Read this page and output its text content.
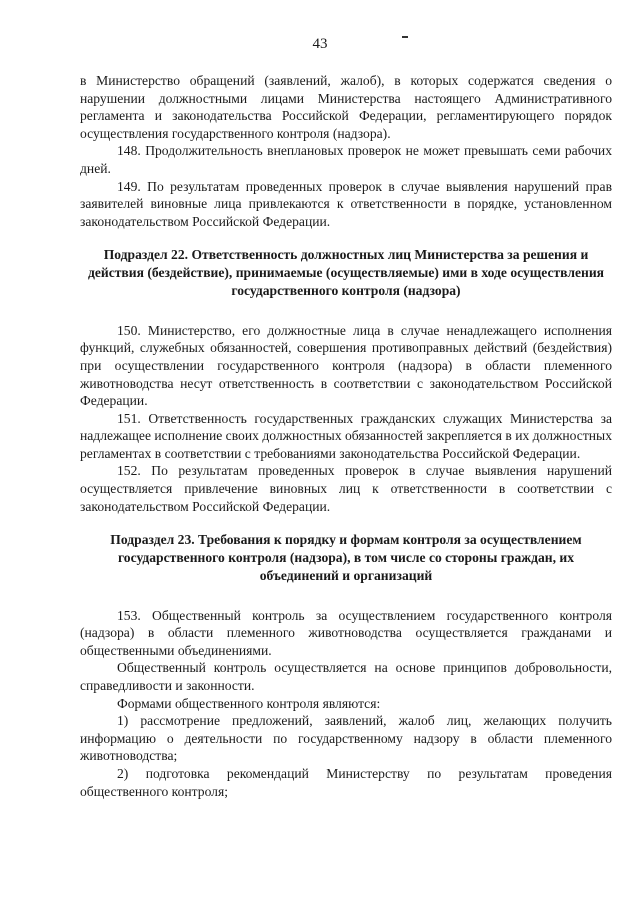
43

в Министерство обращений (заявлений, жалоб), в которых содержатся сведения о нарушении должностными лицами Министерства настоящего Административного регламента и законодательства Российской Федерации, регламентирующего порядок осуществления государственного контроля (надзора).

148. Продолжительность внеплановых проверок не может превышать семи рабочих дней.

149. По результатам проведенных проверок в случае выявления нарушений прав заявителей виновные лица привлекаются к ответственности в порядке, установленном законодательством Российской Федерации.

Подраздел 22. Ответственность должностных лиц Министерства за решения и действия (бездействие), принимаемые (осуществляемые) ими в ходе осуществления государственного контроля (надзора)

150. Министерство, его должностные лица в случае ненадлежащего исполнения функций, служебных обязанностей, совершения противоправных действий (бездействия) при осуществлении государственного контроля (надзора) в области племенного животноводства несут ответственность в соответствии с законодательством Российской Федерации.

151. Ответственность государственных гражданских служащих Министерства за надлежащее исполнение своих должностных обязанностей закрепляется в их должностных регламентах в соответствии с требованиями законодательства Российской Федерации.

152. По результатам проведенных проверок в случае выявления нарушений осуществляется привлечение виновных лиц к ответственности в соответствии с законодательством Российской Федерации.

Подраздел 23. Требования к порядку и формам контроля за осуществлением государственного контроля (надзора), в том числе со стороны граждан, их объединений и организаций

153. Общественный контроль за осуществлением государственного контроля (надзора) в области племенного животноводства осуществляется гражданами и общественными объединениями.

Общественный контроль осуществляется на основе принципов добровольности, справедливости и законности.

Формами общественного контроля являются:

1) рассмотрение предложений, заявлений, жалоб лиц, желающих получить информацию о деятельности по государственному надзору в области племенного животноводства;

2) подготовка рекомендаций Министерству по результатам проведения общественного контроля;
